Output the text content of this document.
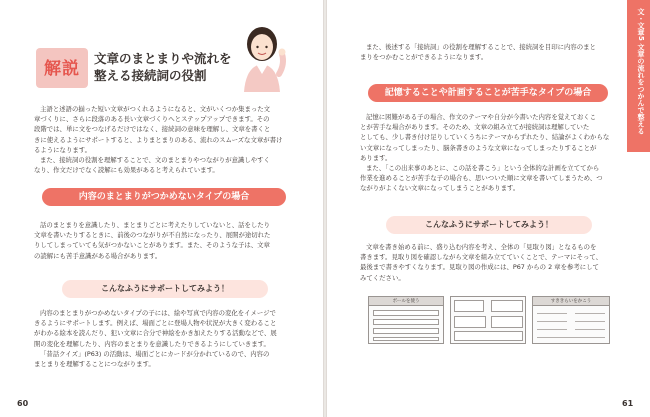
解説
文章のまとまりや流れを
整える接続詞の役割
主語と述語の揃った短い文章がつくれるようになると、文がいくつか集まった文
章づくりに、さらに段落のある長い文章づくりへとステップアップできます。その
段階では、単に文をつなげるだけではなく、接続詞の意味を理解し、文章を書くと
きに使えるようにサポートすると、よりまとまりのある、流れのスムーズな文章が書け
るようになります。
また、接続詞の役割を理解することで、文のまとまりやつながりが意識しやすく
なり、作文だけでなく読解にも効果があると考えられています。
内容のまとまりがつかめないタイプの場合
話のまとまりを意識したり、まとまりごとに考えたりしていないと、話をしたり
文章を書いたりするときに、前後のつながりが不自然になったり、展開が途切れた
りしてしまっていても気がつかないことがあります。また、そのような子は、文章
の読解にも苦手意識がある場合があります。
こんなふうにサポートしてみよう！
内容のまとまりがつかめないタイプの子には、絵や写真で内容の変化をイメージで
きるようにサポートします。例えば、場面ごとに登場人物や状況が大きく変わること
がわかる絵本を読んだり、犯い文章に合分で神絵をかき加えたりする活動などで、展
開の変化を理解したり、内容のまとまりを意識したりできるようにしていきます。
「昔話クイズ」(P63) の活動は、場面ごとにカードが分かれているので、内容の
まとまりを理解することにつながります。
60
また、後述する「接続詞」の役割を理解することで、接続詞を目印に内容のまと
まりをつかむことができるようになります。
記憶することや計画することが苦手なタイプの場合
記憶に困難がある子の場合、作文のテーマや自分が今書いた内容を覚えておくこ
とが苦手な場合があります。そのため、文章の組み立てが接続詞は理解していた
としても、少し書き付け足りしていくうちにテーマからずれたり、結論がよくわからな
い文章になってしまったり、脳条書きのような文章になってしまったりすることが
あります。
また、「この出来事のあとに、この話を書こう」という全体的な計画を立ててから
作業を進めることが苦手な子の場合も、思いついた順に文章を書いてしまうため、つ
ながりがよくない文章になってしまうことがあります。
こんなふうにサポートしてみよう！
文章を書き始める前に、盛り込む内容を考え、全体の「見取り図」となるものを
書きます。見取り図を確認しながら文章を組み立てていくことで、テーマにそって、
最後まで書きやすくなります。見取り図の作成には、P67 からの 2 章を参考にして
みてください。
ボールを使う	すききらいをかこう
文・文章5 文章の流れをつかんで整える
61
